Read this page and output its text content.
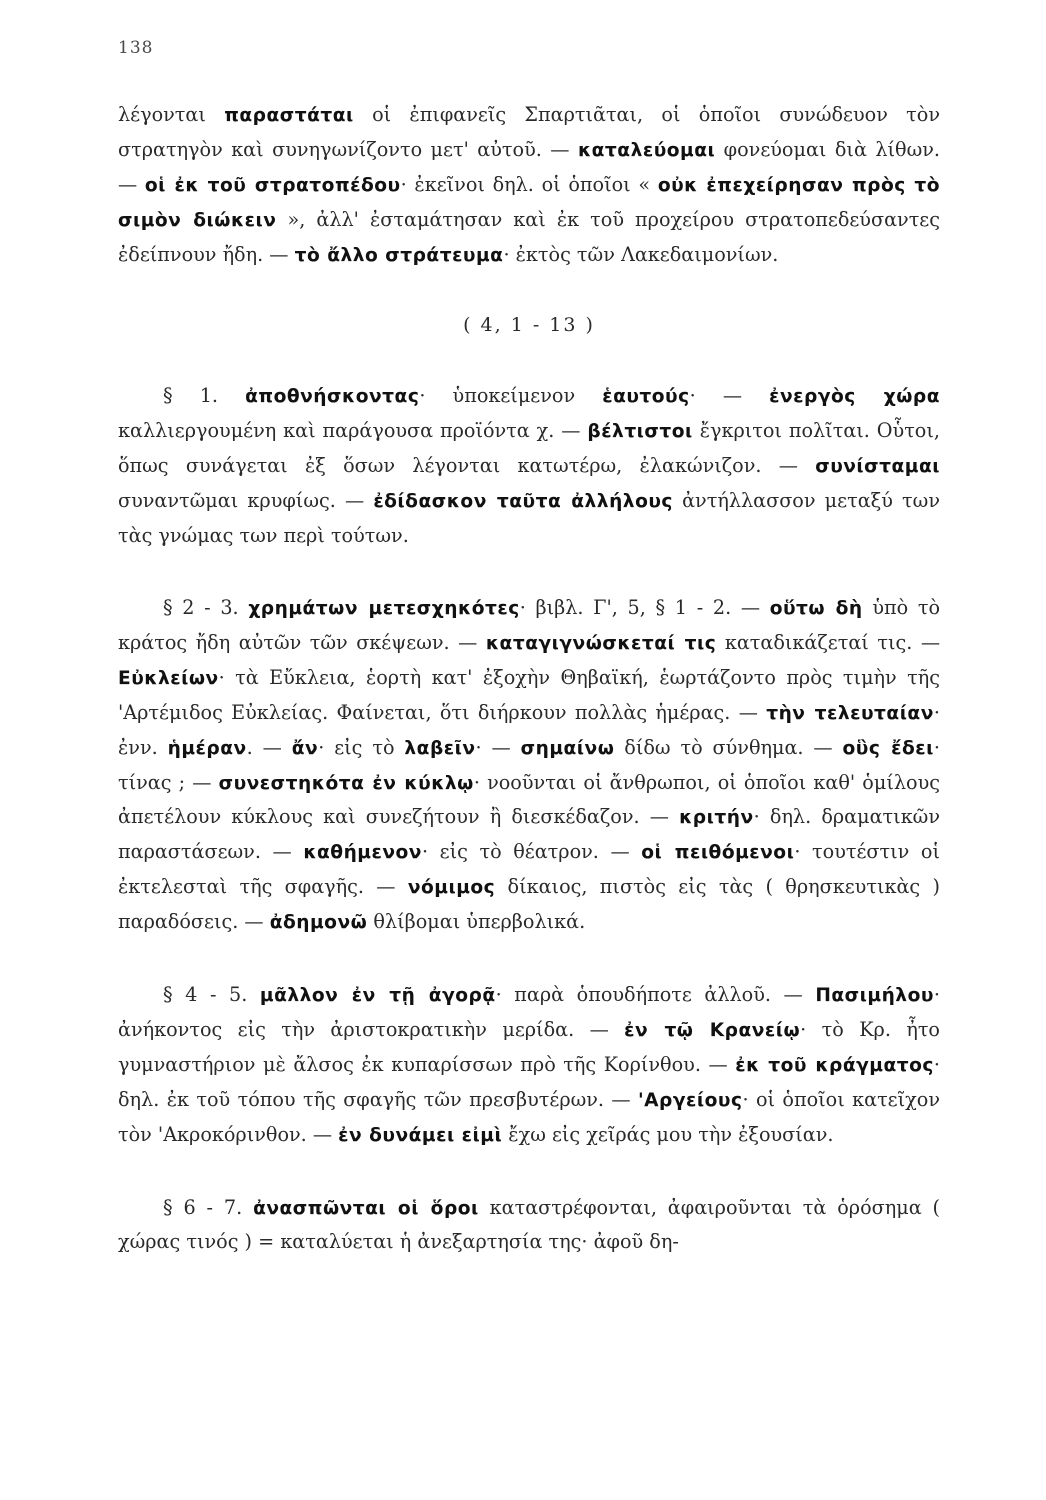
138

λέγονται παραστάται οἱ ἐπιφανεῖς Σπαρτιᾶται, οἱ ὁποῖοι συνώδευον τὸν στρατηγὸν καὶ συνηγωνίζοντο μετ' αὐτοῦ. — καταλεύομαι φονεύομαι διὰ λίθων. — οἱ ἐκ τοῦ στρατοπέδου· ἐκεῖνοι δηλ. οἱ ὁποῖοι « οὐκ ἐπεχείρησαν πρὸς τὸ σιμὸν διώκειν », ἀλλ' ἐσταμάτησαν καὶ ἐκ τοῦ προχείρου στρατοπεδεύσαντες ἐδείπνουν ἤδη. — τὸ ἄλλο στράτευμα· ἐκτὸς τῶν Λακεδαιμονίων.

( 4, 1 - 13 )

§ 1. ἀποθνήσκοντας· ὑποκείμενον ἑαυτούς· — ἐνεργὸς χώρα καλλιεργουμένη καὶ παράγουσα προϊόντα χ. — βέλτιστοι ἔγκριτοι πολῖται. Οὗτοι, ὅπως συνάγεται ἐξ ὅσων λέγονται κατωτέρω, ἐλακώνιζον. — συνίσταμαι συναντῶμαι κρυφίως. — ἐδίδασκον ταῦτα ἀλλήλους ἀντήλλασσον μεταξύ των τὰς γνώμας των περὶ τούτων.

§ 2 - 3. χρημάτων μετεσχηκότες· βιβλ. Γ', 5, § 1 - 2. — οὕτω δὴ ὑπὸ τὸ κράτος ἤδη αὐτῶν τῶν σκέψεων. — καταγιγνώσκεταί τις καταδικάζεταί τις. — Εὐκλείων· τὰ Εὔκλεια, ἑορτὴ κατ' ἐξοχὴν Θηβαϊκή, ἑωρτάζοντο πρὸς τιμὴν τῆς 'Αρτέμιδος Εὐκλείας. Φαίνεται, ὅτι διήρκουν πολλὰς ἡμέρας. — τὴν τελευταίαν· ἐνν. ἡμέραν. — ἄν· εἰς τὸ λαβεῖν· — σημαίνω δίδω τὸ σύνθημα. — οὓς ἔδει· τίνας ; — συνεστηκότα ἐν κύκλῳ· νοοῦνται οἱ ἄνθρωποι, οἱ ὁποῖοι καθ' ὁμίλους ἀπετέλουν κύκλους καὶ συνεζήτουν ἢ διεσκέδαζον. — κριτήν· δηλ. δραματικῶν παραστάσεων. — καθήμενον· εἰς τὸ θέατρον. — οἱ πειθόμενοι· τουτέστιν οἱ ἐκτελεσταὶ τῆς σφαγῆς. — νόμιμος δίκαιος, πιστὸς εἰς τὰς ( θρησκευτικὰς ) παραδόσεις. — ἀδημονῶ θλίβομαι ὑπερβολικά.

§ 4 - 5. μᾶλλον ἐν τῇ ἀγορᾷ· παρὰ ὁπουδήποτε ἀλλοῦ. — Πασιμήλου· ἀνήκοντος εἰς τὴν ἀριστοκρατικὴν μερίδα. — ἐν τῷ Κρανείῳ· τὸ Κρ. ἦτο γυμναστήριον μὲ ἄλσος ἐκ κυπαρίσσων πρὸ τῆς Κορίνθου. — ἐκ τοῦ κράγματος· δηλ. ἐκ τοῦ τόπου τῆς σφαγῆς τῶν πρεσβυτέρων. — 'Αργείους· οἱ ὁποῖοι κατεῖχον τὸν 'Ακροκόρινθον. — ἐν δυνάμει εἰμὶ ἔχω εἰς χεῖράς μου τὴν ἐξουσίαν.

§ 6 - 7. ἀνασπῶνται οἱ ὅροι καταστρέφονται, ἀφαιροῦνται τὰ ὁρόσημα ( χώρας τινός ) = καταλύεται ἡ ἀνεξαρτησία της· ἀφοῦ δη-
